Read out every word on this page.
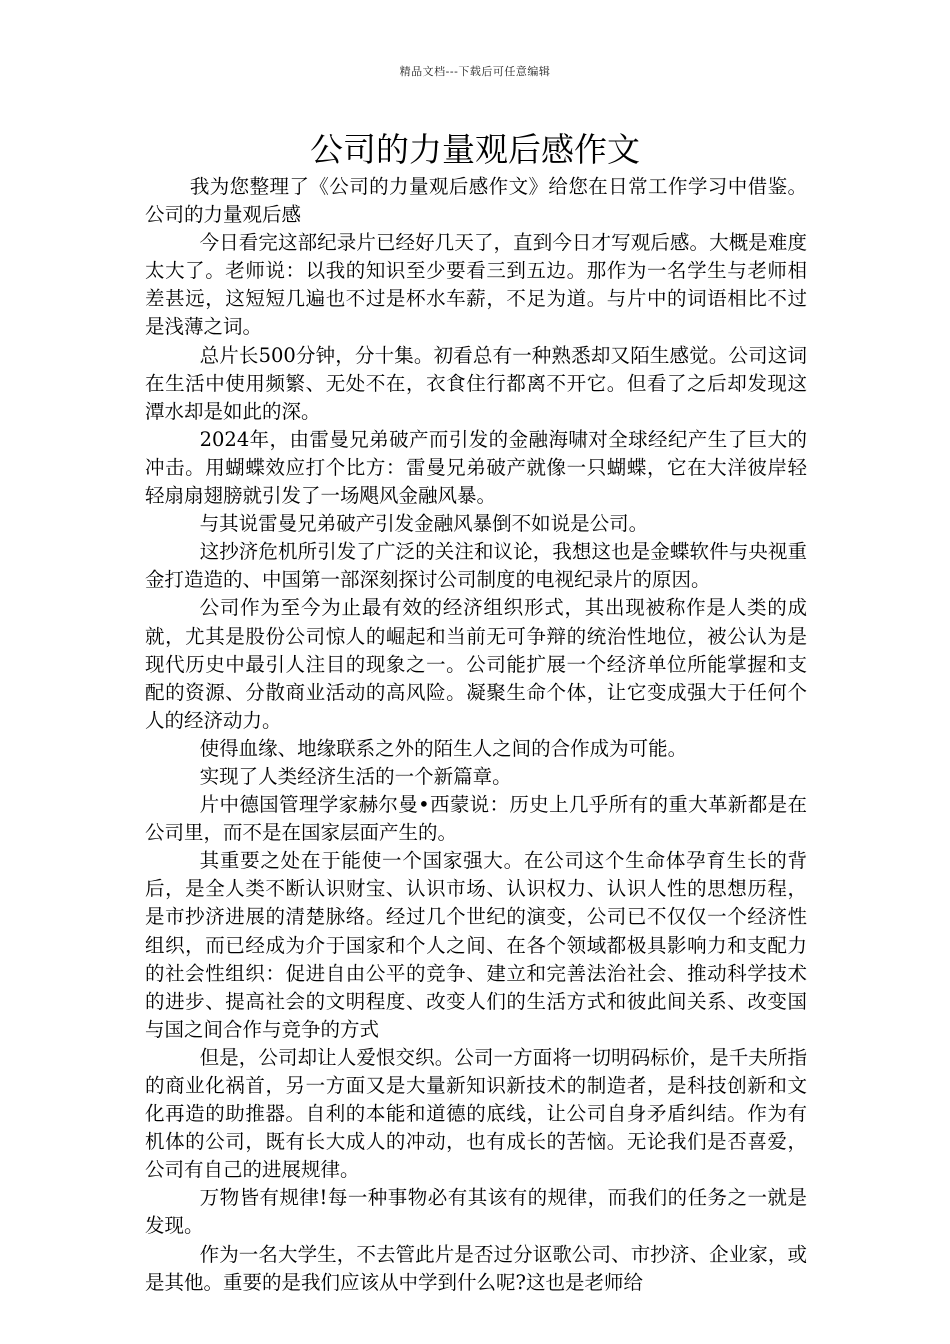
精品文档---下载后可任意编辑
公司的力量观后感作文

我为您整理了《公司的力量观后感作文》给您在日常工作学习中借鉴。公司的力量观后感

今日看完这部纪录片已经好几天了，直到今日才写观后感。大概是难度太大了。老师说：以我的知识至少要看三到五边。那作为一名学生与老师相差甚远，这短短几遍也不过是杯水车薪，不足为道。与片中的词语相比不过是浅薄之词。

总片长500分钟，分十集。初看总有一种熟悉却又陌生感觉。公司这词在生活中使用频繁、无处不在，衣食住行都离不开它。但看了之后却发现这潭水却是如此的深。

2024年，由雷曼兄弟破产而引发的金融海啸对全球经纪产生了巨大的冲击。用蝴蝶效应打个比方：雷曼兄弟破产就像一只蝴蝶，它在大洋彼岸轻轻扇扇翅膀就引发了一场飓风金融风暴。

与其说雷曼兄弟破产引发金融风暴倒不如说是公司。

这抄济危机所引发了广泛的关注和议论，我想这也是金蝶软件与央视重金打造造的、中国第一部深刻探讨公司制度的电视纪录片的原因。

公司作为至今为止最有效的经济组织形式，其出现被称作是人类的成就，尤其是股份公司惊人的崛起和当前无可争辩的统治性地位，被公认为是现代历史中最引人注目的现象之一。公司能扩展一个经济单位所能掌握和支配的资源、分散商业活动的高风险。凝聚生命个体，让它变成强大于任何个人的经济动力。

使得血缘、地缘联系之外的陌生人之间的合作成为可能。

实现了人类经济生活的一个新篇章。

片中德国管理学家赫尔曼•西蒙说：历史上几乎所有的重大革新都是在公司里，而不是在国家层面产生的。

其重要之处在于能使一个国家强大。在公司这个生命体孕育生长的背后，是全人类不断认识财宝、认识市场、认识权力、认识人性的思想历程，是市抄济进展的清楚脉络。经过几个世纪的演变，公司已不仅仅一个经济性组织，而已经成为介于国家和个人之间、在各个领域都极具影响力和支配力的社会性组织：促进自由公平的竞争、建立和完善法治社会、推动科学技术的进步、提高社会的文明程度、改变人们的生活方式和彼此间关系、改变国与国之间合作与竞争的方式

但是，公司却让人爱恨交织。公司一方面将一切明码标价，是千夫所指的商业化祸首，另一方面又是大量新知识新技术的制造者，是科技创新和文化再造的助推器。自利的本能和道德的底线，让公司自身矛盾纠结。作为有机体的公司，既有长大成人的冲动，也有成长的苦恼。无论我们是否喜爱，公司有自己的进展规律。

万物皆有规律!每一种事物必有其该有的规律，而我们的任务之一就是发现。

作为一名大学生，不去管此片是否过分讴歌公司、市抄济、企业家，或是其他。重要的是我们应该从中学到什么呢?这也是老师给
